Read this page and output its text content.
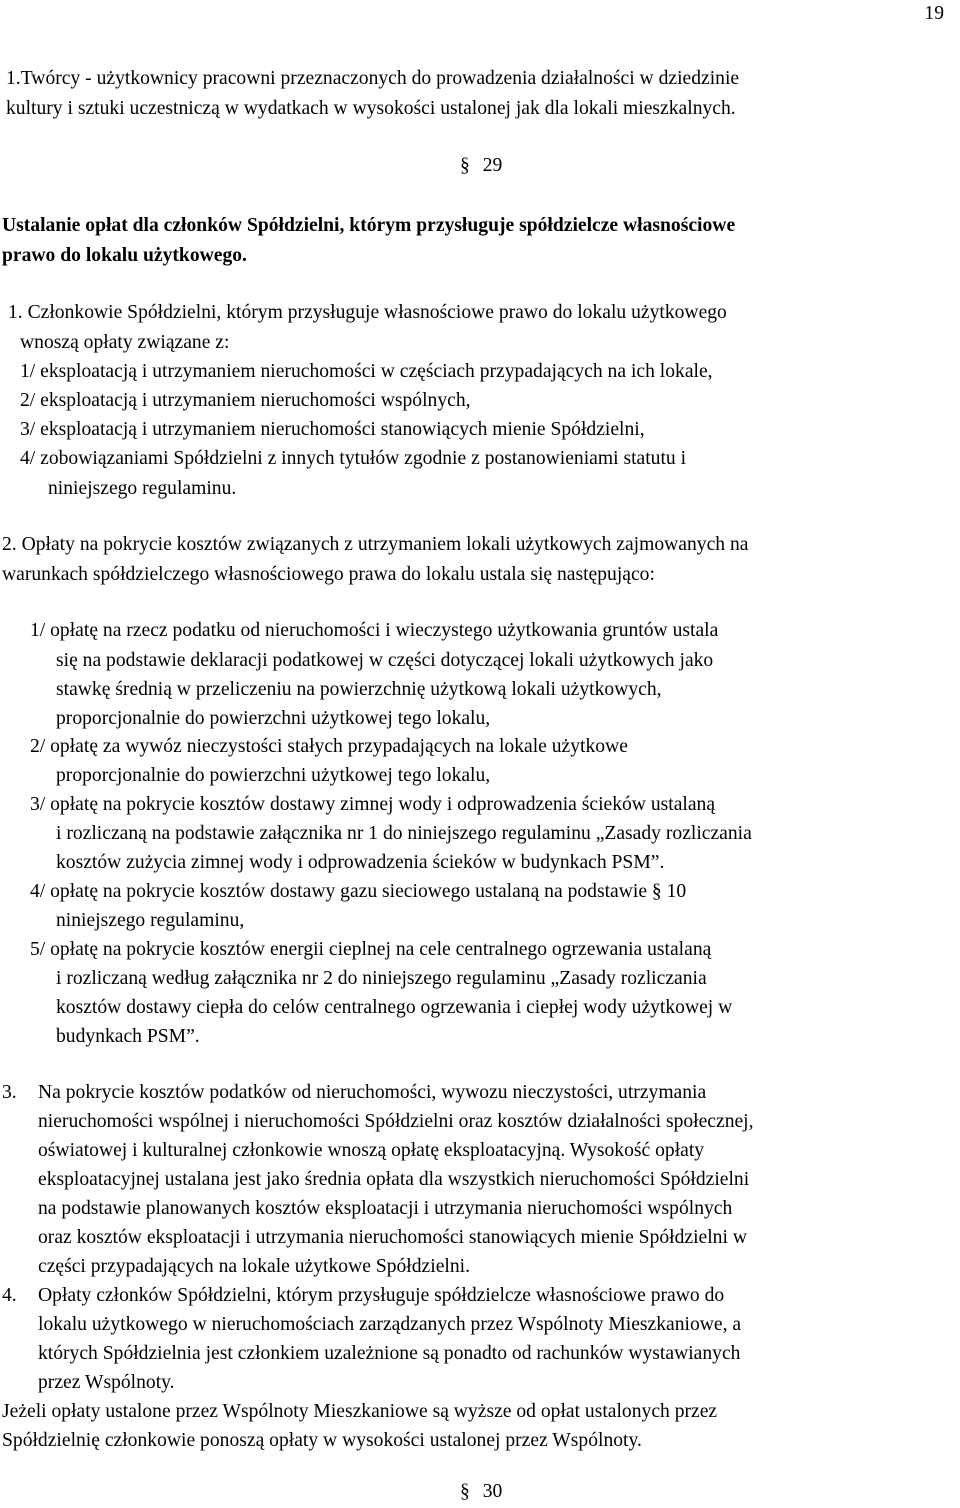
19
1.Twórcy - użytkownicy pracowni przeznaczonych do prowadzenia działalności w dziedzinie
kultury i sztuki uczestniczą w wydatkach w wysokości ustalonej jak dla lokali mieszkalnych.
§ 29
Ustalanie opłat dla członków Spółdzielni, którym przysługuje spółdzielcze własnościowe
prawo do lokalu użytkowego.
1. Członkowie Spółdzielni, którym przysługuje własnościowe prawo do lokalu użytkowego
wnoszą opłaty związane z:
1/ eksploatacją i utrzymaniem nieruchomości w częściach przypadających na ich lokale,
2/ eksploatacją i utrzymaniem nieruchomości wspólnych,
3/ eksploatacją i utrzymaniem nieruchomości stanowiących mienie Spółdzielni,
4/ zobowiązaniami Spółdzielni z innych tytułów zgodnie z postanowieniami statutu i
niniejszego regulaminu.
2. Opłaty na pokrycie kosztów związanych z utrzymaniem lokali użytkowych zajmowanych na
warunkach spółdzielczego własnościowego prawa do lokalu ustala się następująco:
1/ opłatę na rzecz podatku od nieruchomości i wieczystego użytkowania gruntów ustala
się na podstawie deklaracji podatkowej w części dotyczącej lokali użytkowych jako
stawkę średnią w przeliczeniu na powierzchnię użytkową lokali użytkowych,
proporcjonalnie do powierzchni użytkowej tego lokalu,
2/ opłatę za wywóz nieczystości stałych przypadających na lokale użytkowe
proporcjonalnie do powierzchni użytkowej tego lokalu,
3/ opłatę na pokrycie kosztów dostawy zimnej wody i odprowadzenia ścieków ustalaną
i rozliczaną na podstawie załącznika nr 1 do niniejszego regulaminu „Zasady rozliczania
kosztów zużycia zimnej wody i odprowadzenia ścieków w budynkach PSM”.
4/ opłatę na pokrycie kosztów dostawy gazu sieciowego ustalaną na podstawie § 10
niniejszego regulaminu,
5/ opłatę na pokrycie kosztów energii cieplnej na cele centralnego ogrzewania ustalaną
i rozliczaną według załącznika nr 2 do niniejszego regulaminu „Zasady rozliczania
kosztów dostawy ciepła do celów centralnego ogrzewania i ciepłej wody użytkowej w
budynkach PSM”.
3. Na pokrycie kosztów podatków od nieruchomości, wywozu nieczystości, utrzymania
nieruchomości wspólnej i nieruchomości Spółdzielni oraz kosztów działalności społecznej,
oświatowej i kulturalnej członkowie wnoszą opłatę eksploatacyjną. Wysokość opłaty
eksploatacyjnej ustalana jest jako średnia opłata dla wszystkich nieruchomości Spółdzielni
na podstawie planowanych kosztów eksploatacji i utrzymania nieruchomości wspólnych
oraz kosztów eksploatacji i utrzymania nieruchomości stanowiących mienie Spółdzielni w
części przypadających na lokale użytkowe Spółdzielni.
4. Opłaty członków Spółdzielni, którym przysługuje spółdzielcze własnościowe prawo do
lokalu użytkowego w nieruchomościach zarządzanych przez Wspólnoty Mieszkaniowe, a
których Spółdzielnia jest członkiem uzależnione są ponadto od rachunków wystawianych
przez Wspólnoty.
Jeżeli opłaty ustalone przez Wspólnoty Mieszkaniowe są wyższe od opłat ustalonych przez
Spółdzielnię członkowie ponoszą opłaty w wysokości ustalonej przez Wspólnoty.
§ 30
